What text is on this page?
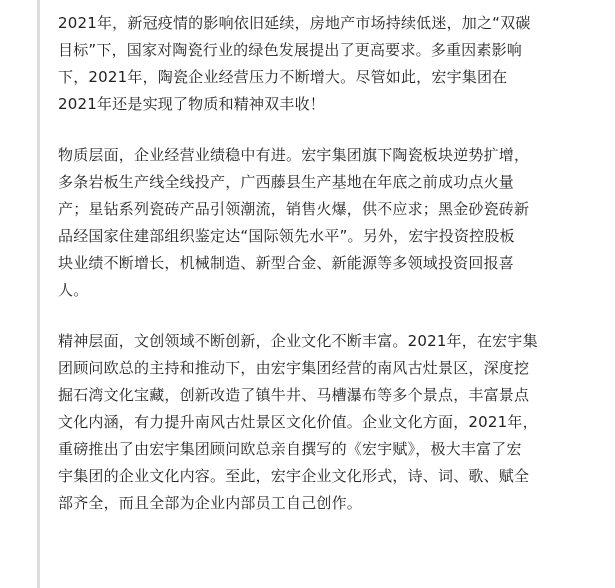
2021年，新冠疫情的影响依旧延续，房地产市场持续低迷，加之“双碳
目标”下，国家对陶瓷行业的绿色发展提出了更高要求。多重因素影响
下，2021年，陶瓷企业经营压力不断增大。尽管如此，宏宇集团在
2021年还是实现了物质和精神双丰收！

物质层面，企业经营业绩稳中有进。宏宇集团旗下陶瓷板块逆势扩增，
多条岩板生产线全线投产，广西藤县生产基地在年底之前成功点火量
产；星钻系列瓷砖产品引领潮流，销售火爆，供不应求；黑金砂瓷砖新
品经国家住建部组织鉴定达“国际领先水平”。另外，宏宇投资控股板
块业绩不断增长，机械制造、新型合金、新能源等多领域投资回报喜
人。

精神层面，文创领域不断创新，企业文化不断丰富。2021年，在宏宇集
团顾问欧总的主持和推动下，由宏宇集团经营的南风古灶景区，深度挖
掘石湾文化宝藏，创新改造了镇牛井、马槽瀑布等多个景点，丰富景点
文化内涵，有力提升南风古灶景区文化价值。企业文化方面，2021年，
重磅推出了由宏宇集团顾问欧总亲自撰写的《宏宇赋》，极大丰富了宏
宇集团的企业文化内容。至此，宏宇企业文化形式，诗、词、歌、赋全
部齐全，而且全部为企业内部员工自己创作。
